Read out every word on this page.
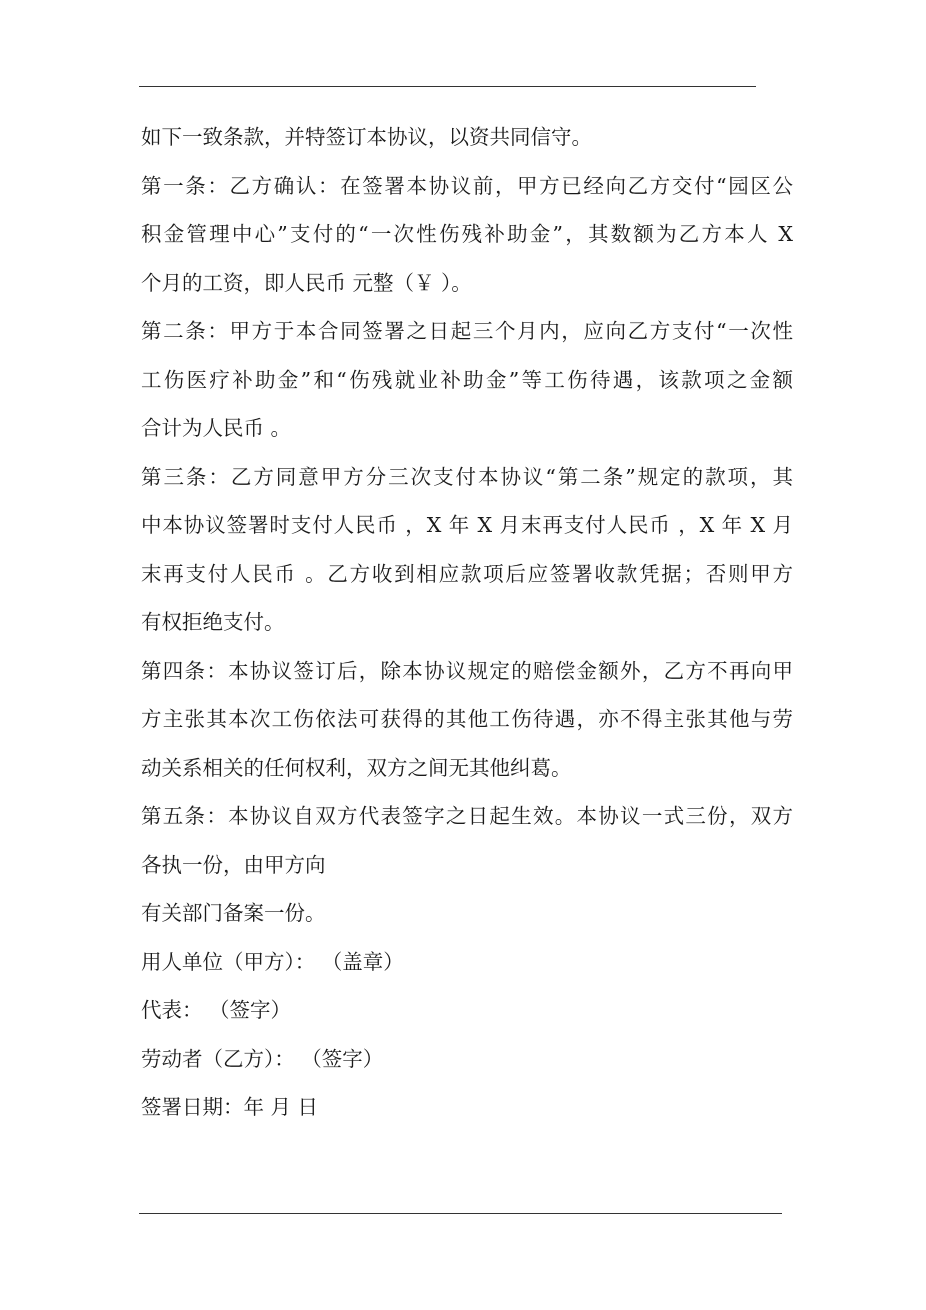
如下一致条款，并特签订本协议，以资共同信守。
第一条：乙方确认：在签署本协议前，甲方已经向乙方交付“园区公
积金管理中心”支付的“一次性伤残补助金”，其数额为乙方本人 X
个月的工资，即人民币 元整（￥ ）。
第二条：甲方于本合同签署之日起三个月内，应向乙方支付“一次性
工伤医疗补助金”和“伤残就业补助金”等工伤待遇，该款项之金额
合计为人民币 。
第三条：乙方同意甲方分三次支付本协议“第二条”规定的款项，其
中本协议签署时支付人民币 ，X 年 X 月末再支付人民币 ，X 年 X 月
末再支付人民币 。乙方收到相应款项后应签署收款凭据；否则甲方
有权拒绝支付。
第四条：本协议签订后，除本协议规定的赔偿金额外，乙方不再向甲
方主张其本次工伤依法可获得的其他工伤待遇，亦不得主张其他与劳
动关系相关的任何权利，双方之间无其他纠葛。
第五条：本协议自双方代表签字之日起生效。本协议一式三份，双方
各执一份，由甲方向
有关部门备案一份。
用人单位（甲方）： （盖章）
代表： （签字）
劳动者（乙方）： （签字）
签署日期：年 月 日
